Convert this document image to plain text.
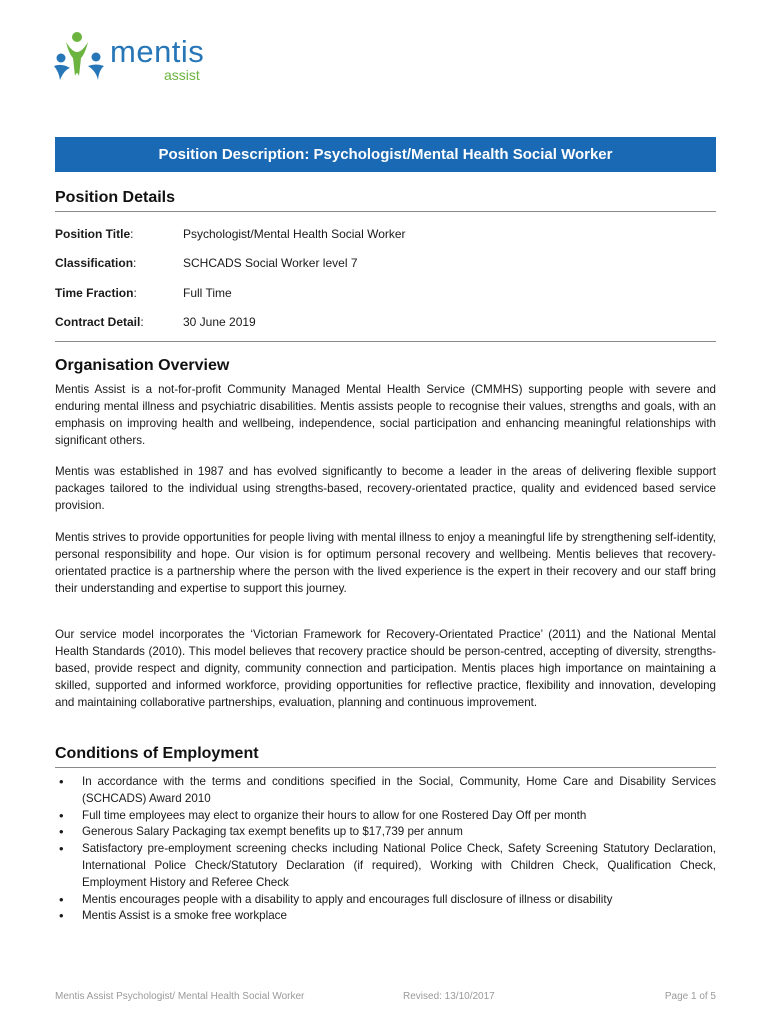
mentis
assist
Position Description: Psychologist/Mental Health Social Worker
Position Details
Position Title:	Psychologist/Mental Health Social Worker
Classification:	SCHCADS Social Worker level 7
Time Fraction:	Full Time
Contract Detail:	30 June 2019
Organisation Overview

Mentis Assist is a not-for-profit Community Managed Mental Health Service (CMMHS) supporting people with severe and enduring mental illness and psychiatric disabilities. Mentis assists people to recognise their values, strengths and goals, with an emphasis on improving health and wellbeing, independence, social participation and enhancing meaningful relationships with significant others.

Mentis was established in 1987 and has evolved significantly to become a leader in the areas of delivering flexible support packages tailored to the individual using strengths-based, recovery-orientated practice, quality and evidenced based service provision.

Mentis strives to provide opportunities for people living with mental illness to enjoy a meaningful life by strengthening self-identity, personal responsibility and hope. Our vision is for optimum personal recovery and wellbeing. Mentis believes that recovery-orientated practice is a partnership where the person with the lived experience is the expert in their recovery and our staff bring their understanding and expertise to support this journey.

Our service model incorporates the ‘Victorian Framework for Recovery-Orientated Practice’ (2011) and the National Mental Health Standards (2010). This model believes that recovery practice should be person-centred, accepting of diversity, strengths-based, provide respect and dignity, community connection and participation. Mentis places high importance on maintaining a skilled, supported and informed workforce, providing opportunities for reflective practice, flexibility and innovation, developing and maintaining collaborative partnerships, evaluation, planning and continuous improvement.

Conditions of Employment
• In accordance with the terms and conditions specified in the Social, Community, Home Care and Disability Services (SCHCADS) Award 2010
• Full time employees may elect to organize their hours to allow for one Rostered Day Off per month
• Generous Salary Packaging tax exempt benefits up to $17,739 per annum
• Satisfactory pre-employment screening checks including National Police Check, Safety Screening Statutory Declaration, International Police Check/Statutory Declaration (if required), Working with Children Check, Qualification Check, Employment History and Referee Check
• Mentis encourages people with a disability to apply and encourages full disclosure of illness or disability
• Mentis Assist is a smoke free workplace
Mentis Assist Psychologist/ Mental Health Social Worker	Revised: 13/10/2017	Page 1 of 5
